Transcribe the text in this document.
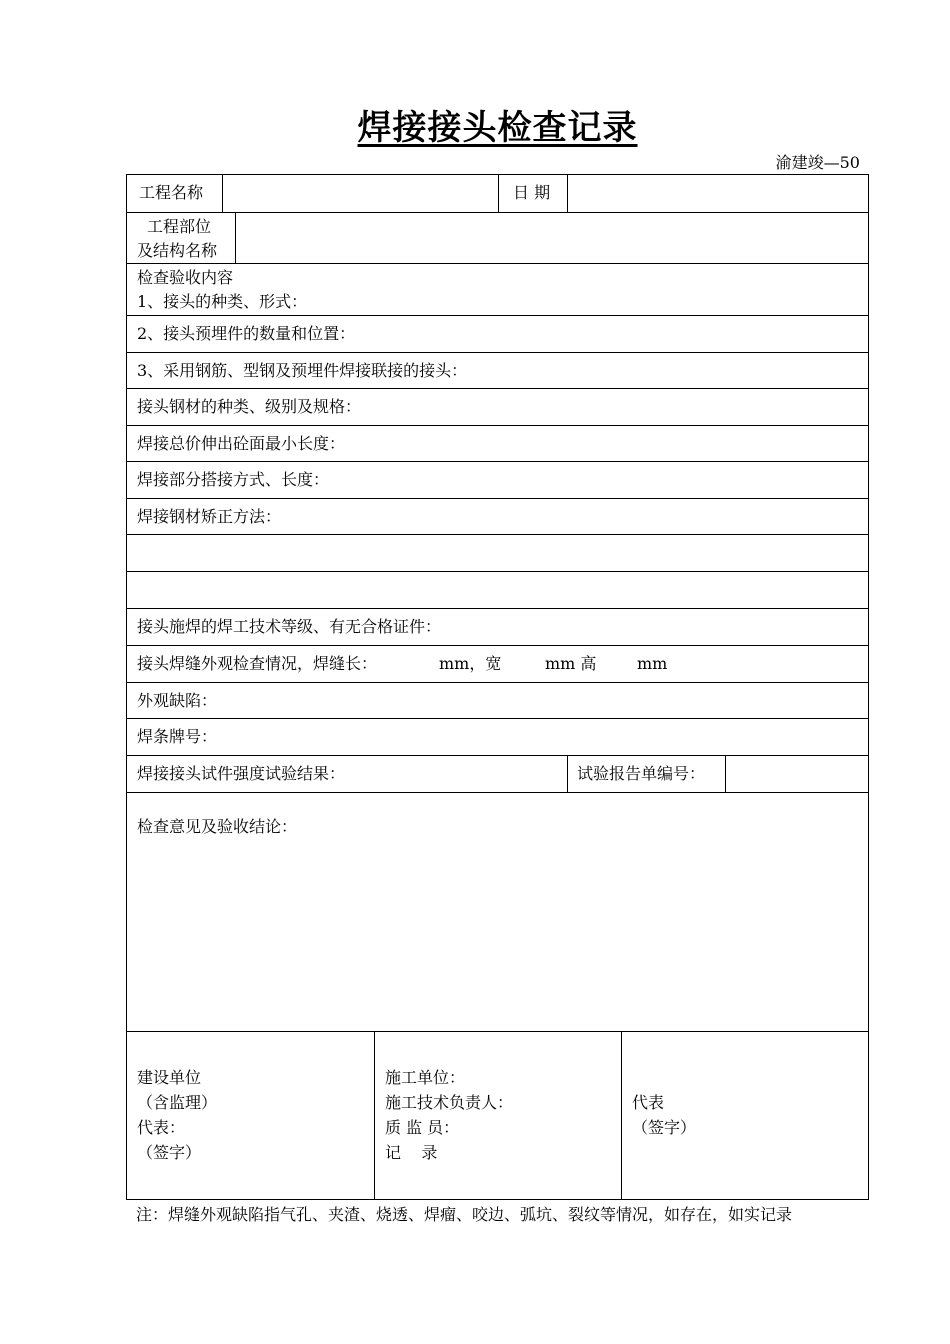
焊接接头检查记录
渝建竣—50
工程名称	日 期
工程部位
及结构名称
检查验收内容
1、接头的种类、形式：
2、接头预埋件的数量和位置：
3、采用钢筋、型钢及预埋件焊接联接的接头：
接头钢材的种类、级别及规格：
焊接总价伸出砼面最小长度：
焊接部分搭接方式、长度：
焊接钢材矫正方法：
接头施焊的焊工技术等级、有无合格证件：
接头焊缝外观检查情况，焊缝长：	mm，宽	mm 高	mm
外观缺陷：
焊条牌号：
焊接接头试件强度试验结果：	试验报告单编号：
检查意见及验收结论：
建设单位
（含监理）
代表：
（签字）
施工单位：
施工技术负责人：
质 监 员：
记    录
代表
（签字）
注：焊缝外观缺陷指气孔、夹渣、烧透、焊瘤、咬边、弧坑、裂纹等情况，如存在，如实记录
